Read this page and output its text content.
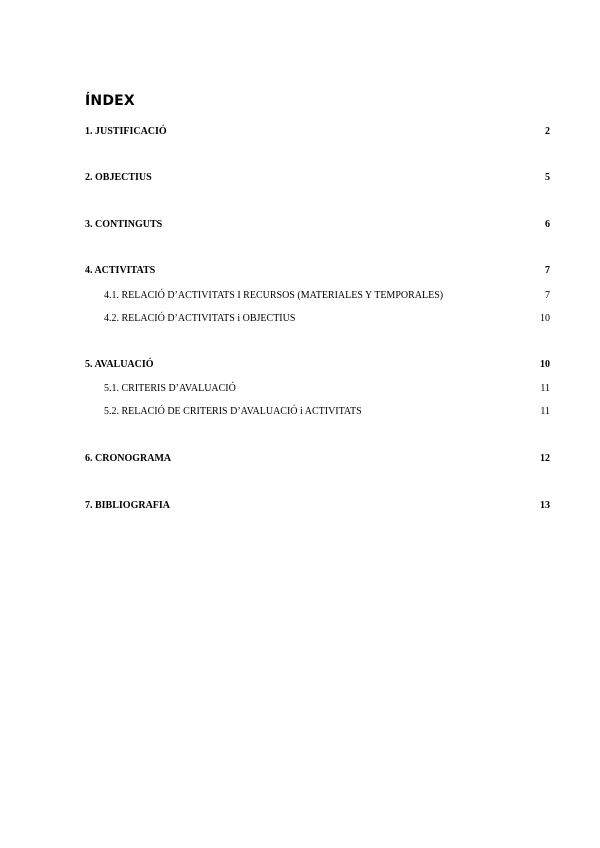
ÍNDEX
1. JUSTIFICACIÓ	2
2. OBJECTIUS	5
3. CONTINGUTS	6
4. ACTIVITATS	7
4.1. RELACIÓ D’ACTIVITATS I RECURSOS (MATERIALES Y TEMPORALES)	7
4.2. RELACIÓ D’ACTIVITATS i OBJECTIUS	10
5. AVALUACIÓ	10
5.1. CRITERIS D’AVALUACIÓ	11
5.2. RELACIÓ DE CRITERIS D’AVALUACIÓ i ACTIVITATS	11
6. CRONOGRAMA	12
7. BIBLIOGRAFIA	13
